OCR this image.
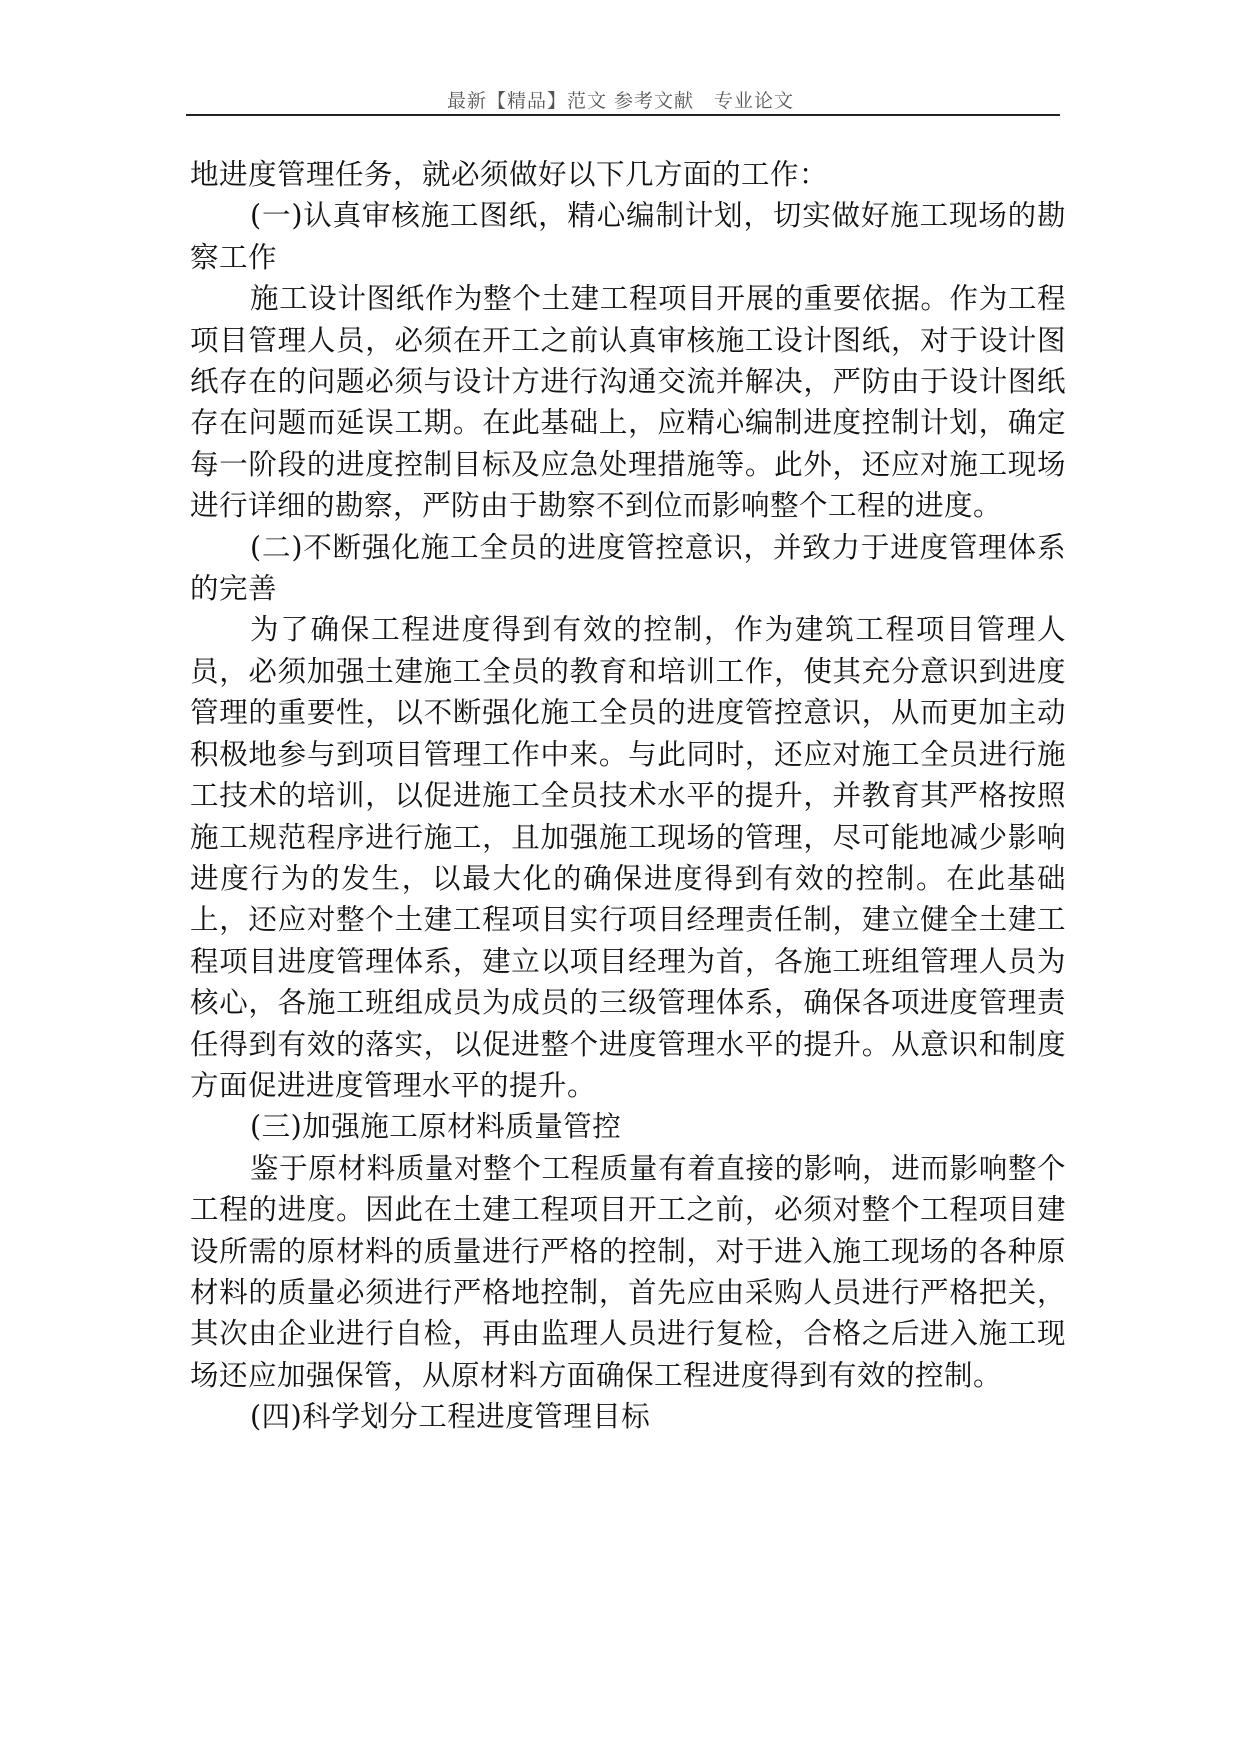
最新【精品】范文 参考文献　专业论文

地进度管理任务，就必须做好以下几方面的工作：

(一)认真审核施工图纸，精心编制计划，切实做好施工现场的勘察工作

施工设计图纸作为整个土建工程项目开展的重要依据。作为工程项目管理人员，必须在开工之前认真审核施工设计图纸，对于设计图纸存在的问题必须与设计方进行沟通交流并解决，严防由于设计图纸存在问题而延误工期。在此基础上，应精心编制进度控制计划，确定每一阶段的进度控制目标及应急处理措施等。此外，还应对施工现场进行详细的勘察，严防由于勘察不到位而影响整个工程的进度。

(二)不断强化施工全员的进度管控意识，并致力于进度管理体系的完善

为了确保工程进度得到有效的控制，作为建筑工程项目管理人员，必须加强土建施工全员的教育和培训工作，使其充分意识到进度管理的重要性，以不断强化施工全员的进度管控意识，从而更加主动积极地参与到项目管理工作中来。与此同时，还应对施工全员进行施工技术的培训，以促进施工全员技术水平的提升，并教育其严格按照施工规范程序进行施工，且加强施工现场的管理，尽可能地减少影响进度行为的发生，以最大化的确保进度得到有效的控制。在此基础上，还应对整个土建工程项目实行项目经理责任制，建立健全土建工程项目进度管理体系，建立以项目经理为首，各施工班组管理人员为核心，各施工班组成员为成员的三级管理体系，确保各项进度管理责任得到有效的落实，以促进整个进度管理水平的提升。从意识和制度方面促进进度管理水平的提升。

(三)加强施工原材料质量管控

鉴于原材料质量对整个工程质量有着直接的影响，进而影响整个工程的进度。因此在土建工程项目开工之前，必须对整个工程项目建设所需的原材料的质量进行严格的控制，对于进入施工现场的各种原材料的质量必须进行严格地控制，首先应由采购人员进行严格把关，其次由企业进行自检，再由监理人员进行复检，合格之后进入施工现场还应加强保管，从原材料方面确保工程进度得到有效的控制。

(四)科学划分工程进度管理目标
